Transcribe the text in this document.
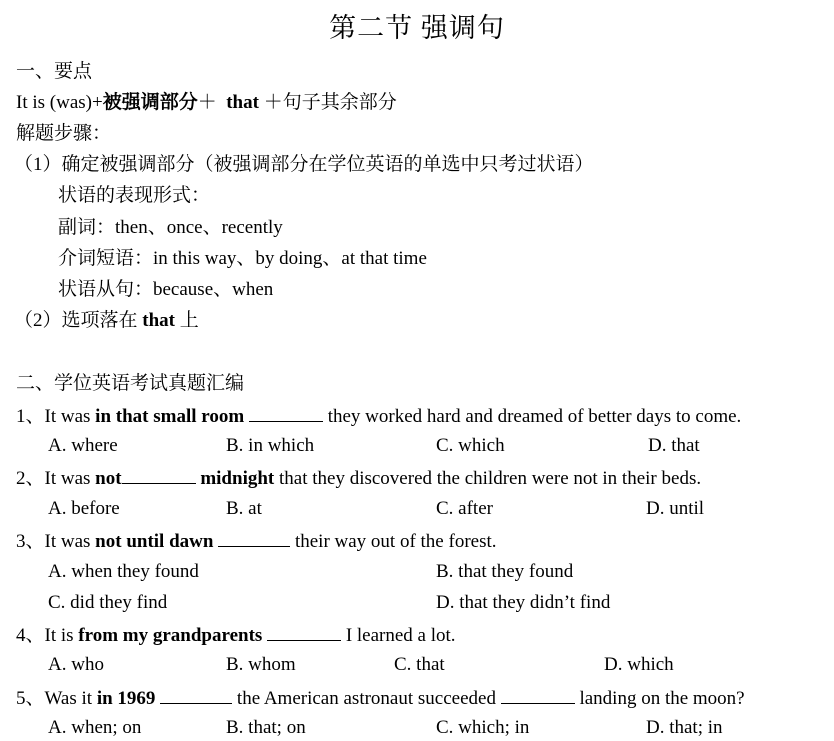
第二节 强调句
一、要点
It is (was)+被强调部分＋  that ＋句子其余部分
解题步骤：
（1）确定被强调部分（被强调部分在学位英语的单选中只考过状语）
状语的表现形式：
副词：then、once、recently
介词短语：in this way、by doing、at that time
状语从句：because、when
（2）选项落在 that 上
二、学位英语考试真题汇编
1、It was in that small room	they worked hard and dreamed of better days to come.
A. where	B. in which	C. which	D. that
2、It was not	midnight that they discovered the children were not in their beds.
A. before	B. at	C. after	D. until
3、It was not until dawn	their way out of the forest.
A. when they found	B. that they found
C. did they find	D. that they didn’t find
4、It is from my grandparents	I learned a lot.
A. who	B. whom	C. that	D. which
5、Was it in 1969	the American astronaut succeeded	landing on the moon?
A. when; on	B. that; on	C. which; in	D. that; in
